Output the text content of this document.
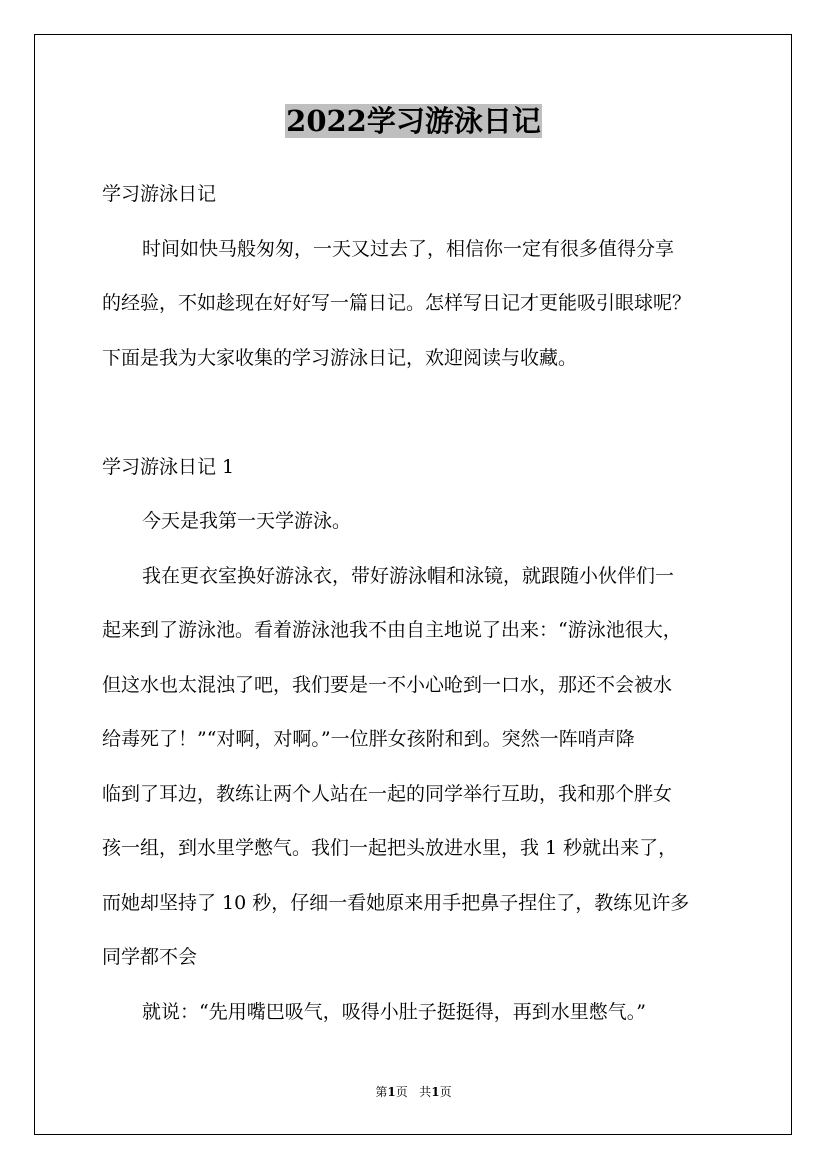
2022学习游泳日记
学习游泳日记
时间如快马般匆匆，一天又过去了，相信你一定有很多值得分享
的经验，不如趁现在好好写一篇日记。怎样写日记才更能吸引眼球呢？
下面是我为大家收集的学习游泳日记，欢迎阅读与收藏。
学习游泳日记 1
今天是我第一天学游泳。
我在更衣室换好游泳衣，带好游泳帽和泳镜，就跟随小伙伴们一
起来到了游泳池。看着游泳池我不由自主地说了出来：“游泳池很大，
但这水也太混浊了吧，我们要是一不小心呛到一口水，那还不会被水
给毒死了！”“对啊，对啊。”一位胖女孩附和到。突然一阵哨声降
临到了耳边，教练让两个人站在一起的同学举行互助，我和那个胖女
孩一组，到水里学憋气。我们一起把头放进水里，我 1 秒就出来了，
而她却坚持了 10 秒，仔细一看她原来用手把鼻子捏住了，教练见许多
同学都不会
就说：“先用嘴巴吸气，吸得小肚子挺挺得，再到水里憋气。”
第1页 共1页
